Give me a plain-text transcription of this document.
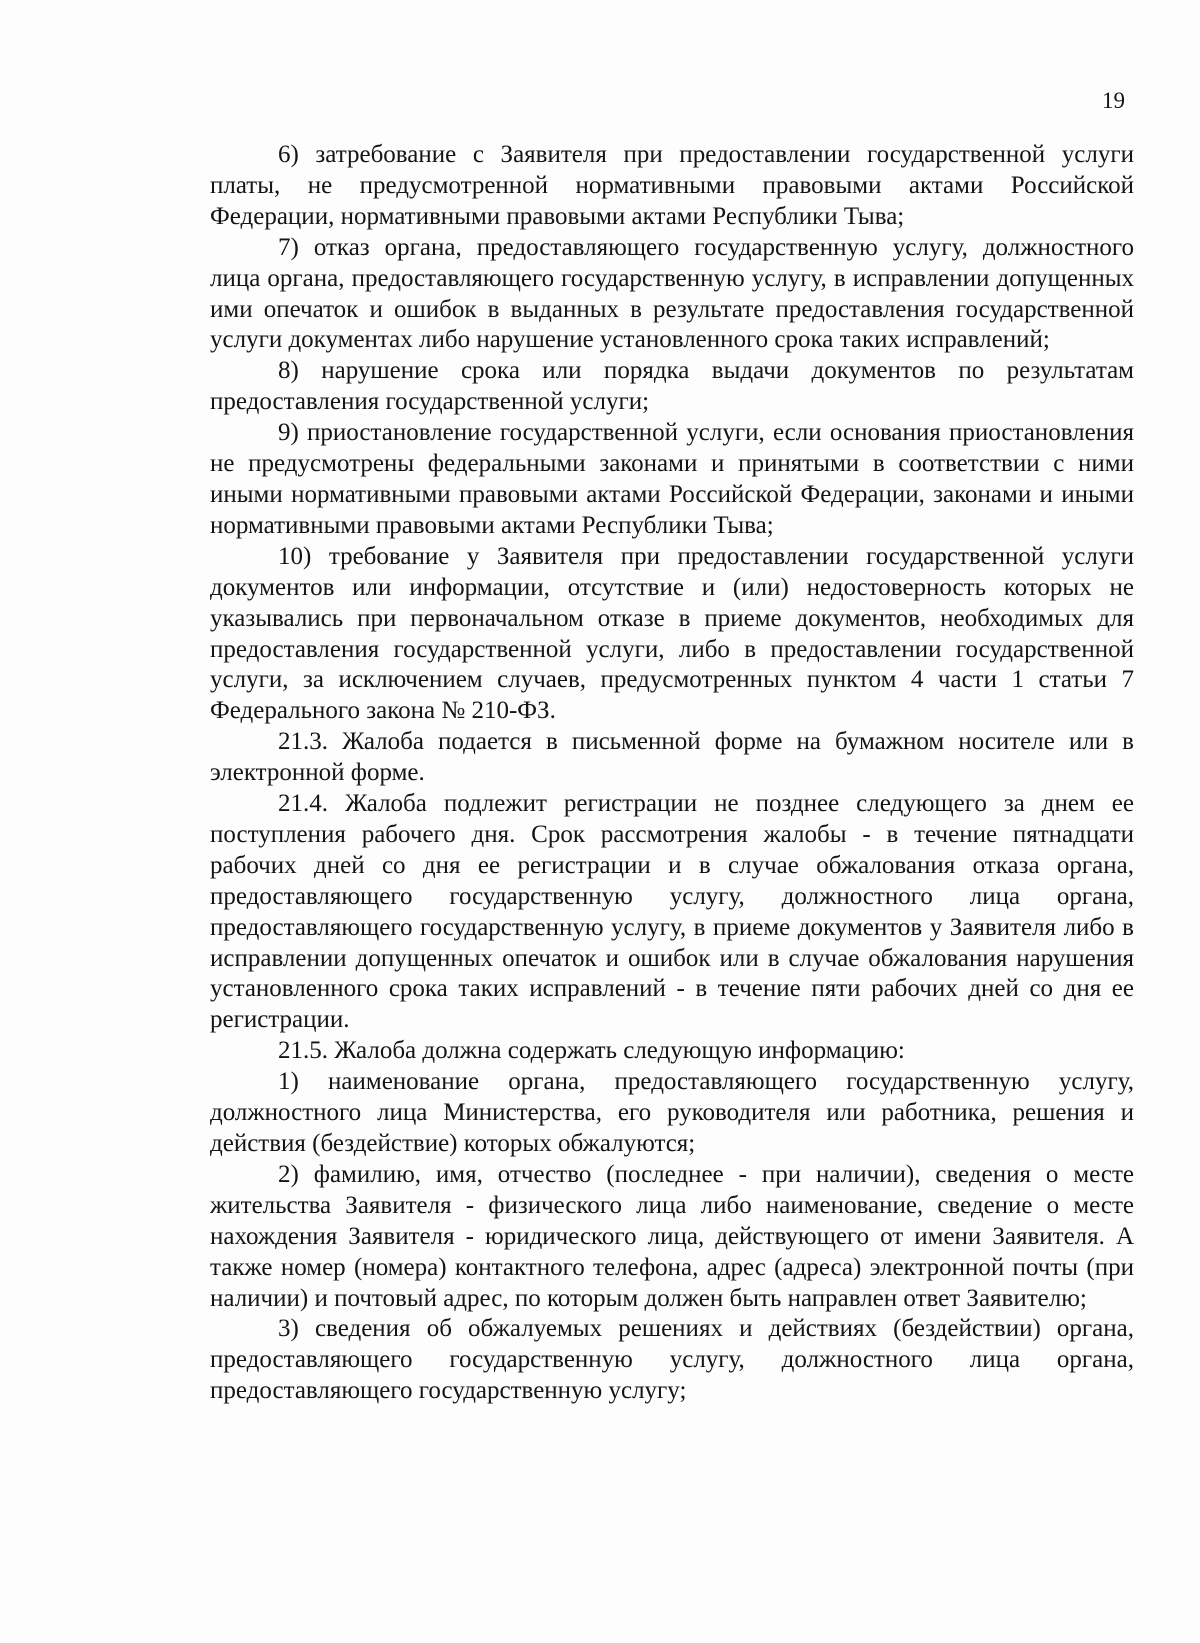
19

6) затребование с Заявителя при предоставлении государственной услуги платы, не предусмотренной нормативными правовыми актами Российской Федерации, нормативными правовыми актами Республики Тыва;

7) отказ органа, предоставляющего государственную услугу, должностного лица органа, предоставляющего государственную услугу, в исправлении допущенных ими опечаток и ошибок в выданных в результате предоставления государственной услуги документах либо нарушение установленного срока таких исправлений;

8) нарушение срока или порядка выдачи документов по результатам предоставления государственной услуги;

9) приостановление государственной услуги, если основания приостановления не предусмотрены федеральными законами и принятыми в соответствии с ними иными нормативными правовыми актами Российской Федерации, законами и иными нормативными правовыми актами Республики Тыва;

10) требование у Заявителя при предоставлении государственной услуги документов или информации, отсутствие и (или) недостоверность которых не указывались при первоначальном отказе в приеме документов, необходимых для предоставления государственной услуги, либо в предоставлении государственной услуги, за исключением случаев, предусмотренных пунктом 4 части 1 статьи 7 Федерального закона № 210-ФЗ.

21.3. Жалоба подается в письменной форме на бумажном носителе или в электронной форме.

21.4. Жалоба подлежит регистрации не позднее следующего за днем ее поступления рабочего дня. Срок рассмотрения жалобы - в течение пятнадцати рабочих дней со дня ее регистрации и в случае обжалования отказа органа, предоставляющего государственную услугу, должностного лица органа, предоставляющего государственную услугу, в приеме документов у Заявителя либо в исправлении допущенных опечаток и ошибок или в случае обжалования нарушения установленного срока таких исправлений - в течение пяти рабочих дней со дня ее регистрации.

21.5. Жалоба должна содержать следующую информацию:

1) наименование органа, предоставляющего государственную услугу, должностного лица Министерства, его руководителя или работника, решения и действия (бездействие) которых обжалуются;

2) фамилию, имя, отчество (последнее - при наличии), сведения о месте жительства Заявителя - физического лица либо наименование, сведение о месте нахождения Заявителя - юридического лица, действующего от имени Заявителя. А также номер (номера) контактного телефона, адрес (адреса) электронной почты (при наличии) и почтовый адрес, по которым должен быть направлен ответ Заявителю;

3) сведения об обжалуемых решениях и действиях (бездействии) органа, предоставляющего государственную услугу, должностного лица органа, предоставляющего государственную услугу;
